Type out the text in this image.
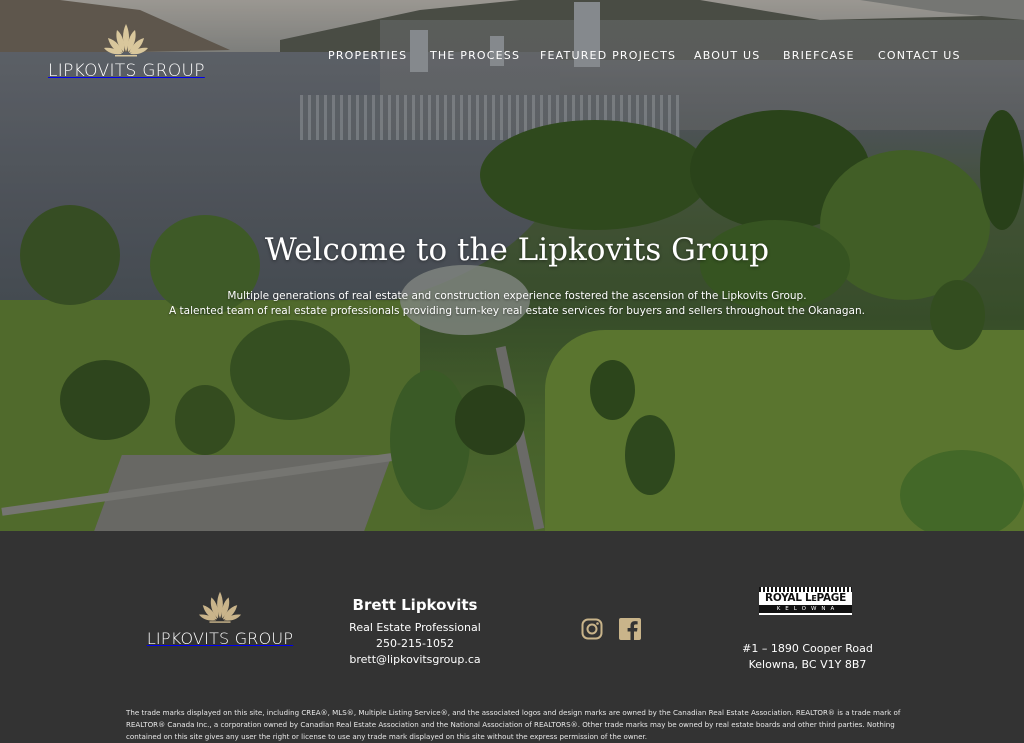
LIPKOVITS GROUP
PROPERTIES THE PROCESS FEATURED PROJECTS ABOUT US BRIEFCASE CONTACT US
Welcome to the Lipkovits Group

Multiple generations of real estate and construction experience fostered the ascension of the Lipkovits Group.

A talented team of real estate professionals providing turn-key real estate services for buyers and sellers throughout the Okanagan.

LIPKOVITS GROUP
Brett Lipkovits
Real Estate Professional
250-215-1052
brett@lipkovitsgroup.ca
ROYAL LEPAGE
KELOWNA
#1 – 1890 Cooper Road
Kelowna, BC V1Y 8B7

The trade marks displayed on this site, including CREA®, MLS®, Multiple Listing Service®, and the associated logos and design marks are owned by the Canadian Real Estate Association. REALTOR® is a trade mark of REALTOR® Canada Inc., a corporation owned by Canadian Real Estate Association and the National Association of REALTORS®. Other trade marks may be owned by real estate boards and other third parties. Nothing contained on this site gives any user the right or license to use any trade mark displayed on this site without the express permission of the owner.
